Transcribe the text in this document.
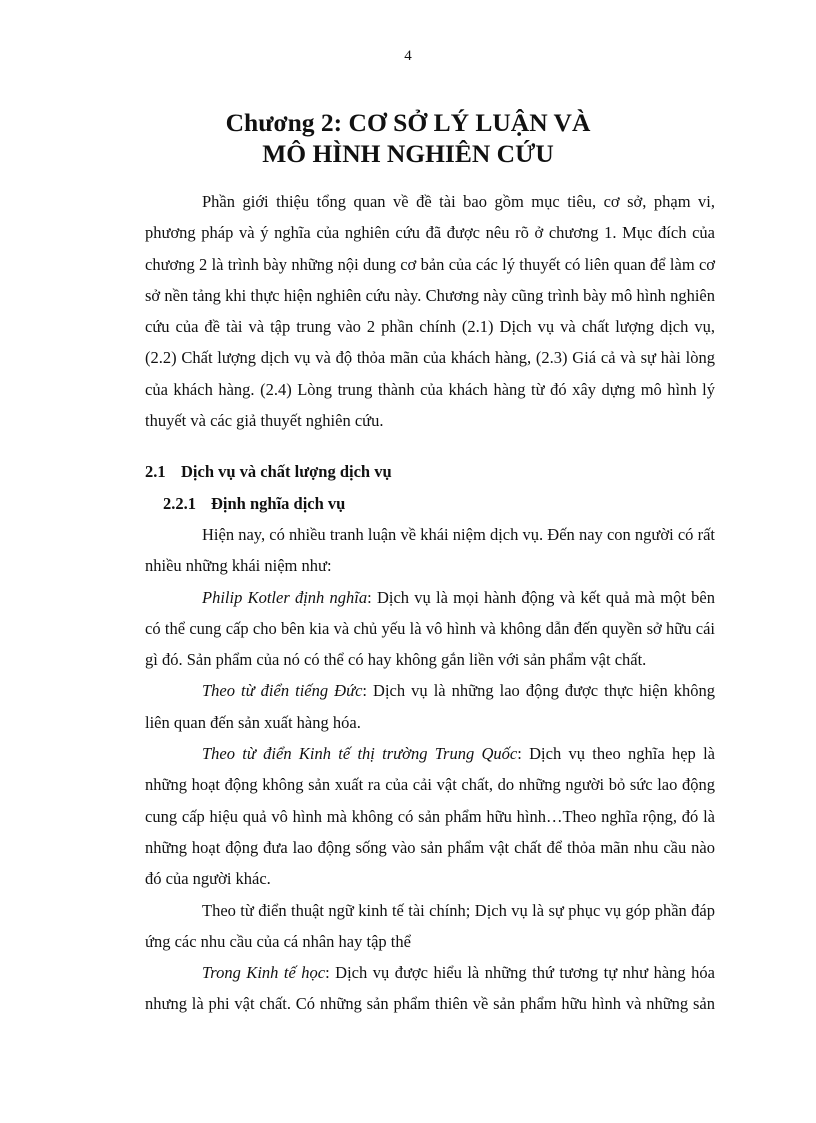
4
Chương 2: CƠ SỞ LÝ LUẬN VÀ
MÔ HÌNH NGHIÊN CỨU

Phần giới thiệu tổng quan về đề tài bao gồm mục tiêu, cơ sở, phạm vi, phương pháp và ý nghĩa của nghiên cứu đã được nêu rõ ở chương 1. Mục đích của chương 2 là trình bày những nội dung cơ bản của các lý thuyết có liên quan để làm cơ sở nền tảng khi thực hiện nghiên cứu này. Chương này cũng trình bày mô hình nghiên cứu của đề tài và tập trung vào 2 phần chính (2.1) Dịch vụ và chất lượng dịch vụ, (2.2) Chất lượng dịch vụ và độ thỏa mãn của khách hàng, (2.3) Giá cả và sự hài lòng của khách hàng. (2.4) Lòng trung thành của khách hàng từ đó xây dựng mô hình lý thuyết và các giả thuyết nghiên cứu.

2.1 Dịch vụ và chất lượng dịch vụ
2.2.1 Định nghĩa dịch vụ

Hiện nay, có nhiều tranh luận về khái niệm dịch vụ. Đến nay con người có rất nhiều những khái niệm như:

Philip Kotler định nghĩa: Dịch vụ là mọi hành động và kết quả mà một bên có thể cung cấp cho bên kia và chủ yếu là vô hình và không dẫn đến quyền sở hữu cái gì đó. Sản phẩm của nó có thể có hay không gắn liền với sản phẩm vật chất.

Theo từ điển tiếng Đức: Dịch vụ là những lao động được thực hiện không liên quan đến sản xuất hàng hóa.

Theo từ điển Kinh tế thị trường Trung Quốc: Dịch vụ theo nghĩa hẹp là những hoạt động không sản xuất ra của cải vật chất, do những người bỏ sức lao động cung cấp hiệu quả vô hình mà không có sản phẩm hữu hình…Theo nghĩa rộng, đó là những hoạt động đưa lao động sống vào sản phẩm vật chất để thỏa mãn nhu cầu nào đó của người khác.

Theo từ điển thuật ngữ kinh tế tài chính; Dịch vụ là sự phục vụ góp phần đáp ứng các nhu cầu của cá nhân hay tập thể

Trong Kinh tế học: Dịch vụ được hiểu là những thứ tương tự như hàng hóa nhưng là phi vật chất. Có những sản phẩm thiên về sản phẩm hữu hình và những sản
